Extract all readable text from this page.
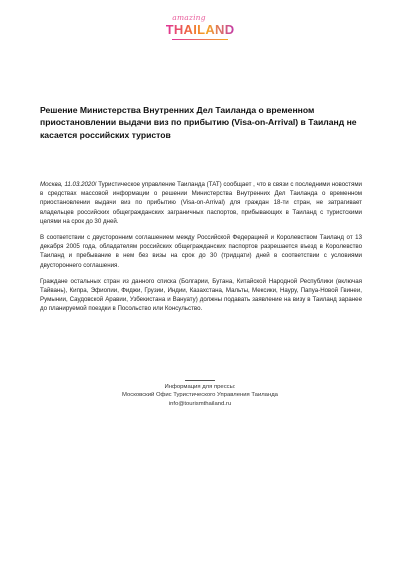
amazing
THAILAND
Решение Министерства Внутренних Дел Таиланда о временном приостановлении выдачи виз по прибытию (Visa-on-Arrival) в Таиланд не касается российских туристов

Москва, 11.03.2020/ Туристическое управление Таиланда (ТАТ) сообщает , что в связи с последними новостями в средствах массовой информации о решении Министерства Внутренних Дел Таиланда о временном приостановлении выдачи виз по прибытию (Visa-on-Arrival) для граждан 18-ти стран, не затрагивает владельцев российских общегражданских заграничных паспортов, прибывающих в Таиланд с туристскими целями на срок до 30 дней.

В соответствии с двусторонним соглашением между Российской Федерацией и Королевством Таиланд от 13 декабря 2005 года, обладателям российских общегражданских паспортов разрешается въезд в Королевство Таиланд и пребывание в нем без визы на срок до 30 (тридцати) дней в соответствии с условиями двустороннего соглашения.

Граждане остальных стран из данного списка (Болгарии, Бутана, Китайской Народной Республики (включая Тайвань), Кипра, Эфиопии, Фиджи, Грузии, Индии, Казахстана, Мальты, Мексики, Науру, Папуа-Новой Гвинеи, Румынии, Саудовской Аравии, Узбекистана и Вануату) должны подавать заявление на визу в Таиланд заранее до планируемой поездки в Посольство или Консульство.

Информация для прессы:
Московский Офис Туристического Управления Таиланда
info@tourismthailand.ru
